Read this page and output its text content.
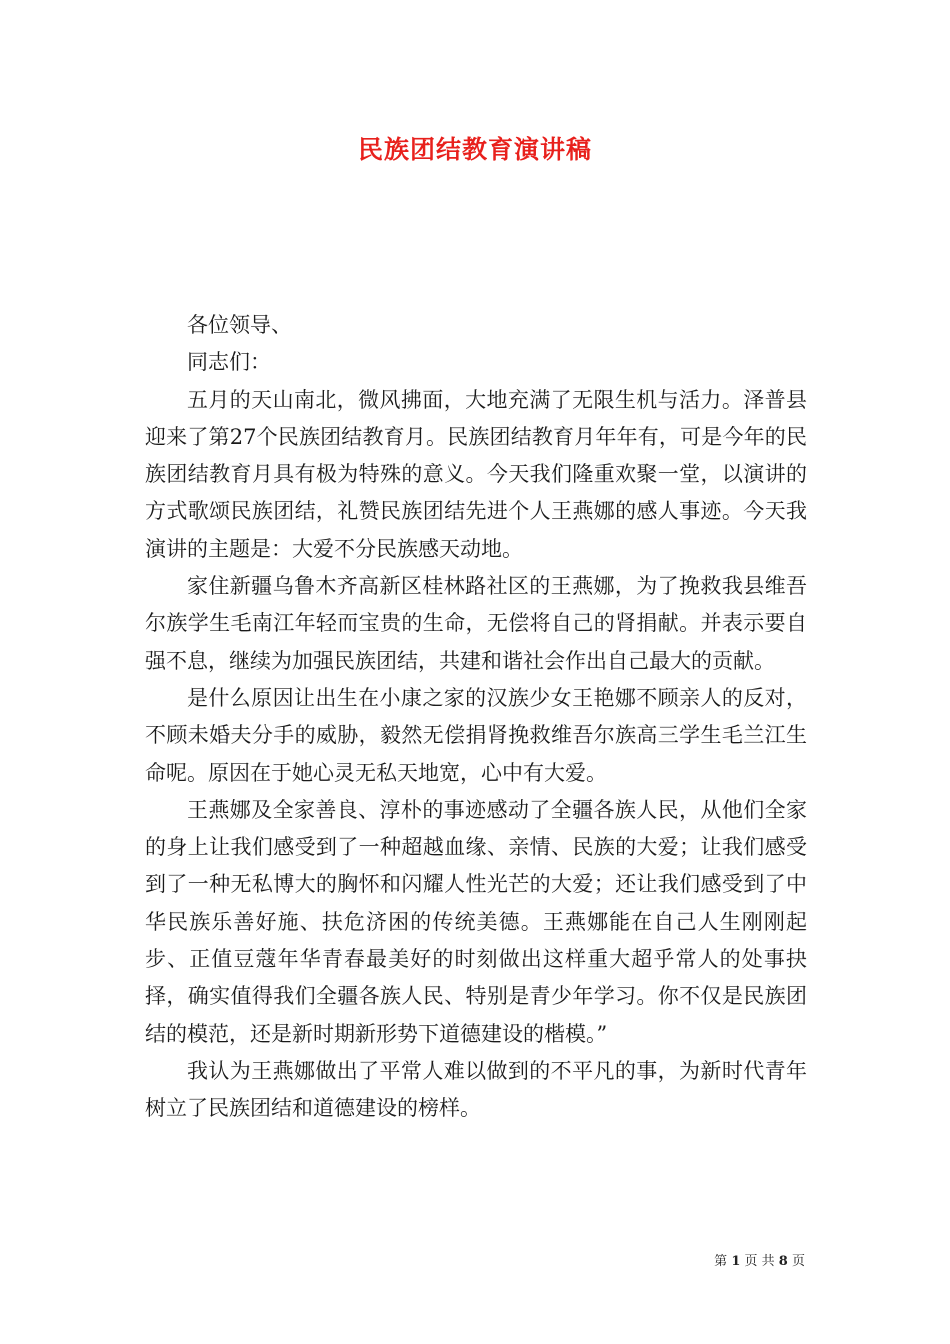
民族团结教育演讲稿

各位领导、

同志们：

五月的天山南北，微风拂面，大地充满了无限生机与活力。泽普县迎来了第27个民族团结教育月。民族团结教育月年年有，可是今年的民族团结教育月具有极为特殊的意义。今天我们隆重欢聚一堂，以演讲的方式歌颂民族团结，礼赞民族团结先进个人王燕娜的感人事迹。今天我演讲的主题是：大爱不分民族感天动地。

家住新疆乌鲁木齐高新区桂林路社区的王燕娜，为了挽救我县维吾尔族学生毛南江年轻而宝贵的生命，无偿将自己的肾捐献。并表示要自强不息，继续为加强民族团结，共建和谐社会作出自己最大的贡献。

是什么原因让出生在小康之家的汉族少女王艳娜不顾亲人的反对，不顾未婚夫分手的威胁，毅然无偿捐肾挽救维吾尔族高三学生毛兰江生命呢。原因在于她心灵无私天地宽，心中有大爱。

王燕娜及全家善良、淳朴的事迹感动了全疆各族人民，从他们全家的身上让我们感受到了一种超越血缘、亲情、民族的大爱；让我们感受到了一种无私博大的胸怀和闪耀人性光芒的大爱；还让我们感受到了中华民族乐善好施、扶危济困的传统美德。王燕娜能在自己人生刚刚起步、正值豆蔻年华青春最美好的时刻做出这样重大超乎常人的处事抉择，确实值得我们全疆各族人民、特别是青少年学习。你不仅是民族团结的模范，还是新时期新形势下道德建设的楷模。”

我认为王燕娜做出了平常人难以做到的不平凡的事，为新时代青年树立了民族团结和道德建设的榜样。

第 1 页 共 8 页
